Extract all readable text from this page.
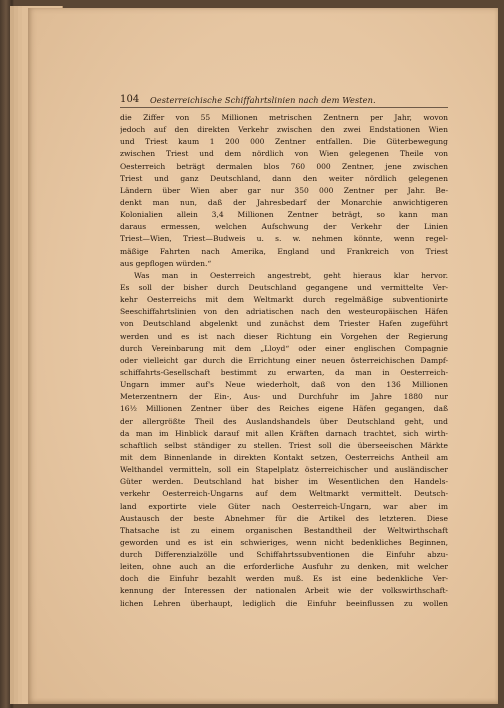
104 Oesterreichische Schiffahrtslinien nach dem Westen.
die Ziffer von 55 Millionen metrischen Zentnern per Jahr, wovon
jedoch auf den direkten Verkehr zwischen den zwei Endstationen Wien
und Triest kaum 1 200 000 Zentner entfallen. Die Güterbewegung
zwischen Triest und dem nördlich von Wien gelegenen Theile von
Oesterreich beträgt dermalen blos 760 000 Zentner, jene zwischen
Triest und ganz Deutschland, dann den weiter nördlich gelegenen
Ländern über Wien aber gar nur 350 000 Zentner per Jahr. Be-
denkt man nun, daß der Jahresbedarf der Monarchie anwichtigeren
Kolonialien allein 3,4 Millionen Zentner beträgt, so kann man
daraus ermessen, welchen Aufschwung der Verkehr der Linien
Triest—Wien, Triest—Budweis u. s. w. nehmen könnte, wenn regel-
mäßige Fahrten nach Amerika, England und Frankreich von Triest
aus gepflogen würden.“
Was man in Oesterreich angestrebt, geht hieraus klar hervor.
Es soll der bisher durch Deutschland gegangene und vermittelte Ver-
kehr Oesterreichs mit dem Weltmarkt durch regelmäßige subventionirte
Seeschiffahrtslinien von den adriatischen nach den westeuropäischen Häfen
von Deutschland abgelenkt und zunächst dem Triester Hafen zugeführt
werden und es ist nach dieser Richtung ein Vorgehen der Regierung
durch Vereinbarung mit dem „Lloyd“ oder einer englischen Compagnie
oder vielleicht gar durch die Errichtung einer neuen österreichischen Dampf-
schiffahrts-Gesellschaft bestimmt zu erwarten, da man in Oesterreich-
Ungarn immer auf's Neue wiederholt, daß von den 136 Millionen
Meterzentnern der Ein-, Aus- und Durchfuhr im Jahre 1880 nur
16½ Millionen Zentner über des Reiches eigene Häfen gegangen, daß
der allergrößte Theil des Auslandshandels über Deutschland geht, und
da man im Hinblick darauf mit allen Kräften darnach trachtet, sich wirth-
schaftlich selbst ständiger zu stellen. Triest soll die überseeischen Märkte
mit dem Binnenlande in direkten Kontakt setzen, Oesterreichs Antheil am
Welthandel vermitteln, soll ein Stapelplatz österreichischer und ausländischer
Güter werden. Deutschland hat bisher im Wesentlichen den Handels-
verkehr Oesterreich-Ungarns auf dem Weltmarkt vermittelt. Deutsch-
land exportirte viele Güter nach Oesterreich-Ungarn, war aber im
Austausch der beste Abnehmer für die Artikel des letzteren. Diese
Thatsache ist zu einem organischen Bestandtheil der Weltwirthschaft
geworden und es ist ein schwieriges, wenn nicht bedenkliches Beginnen,
durch Differenzialzölle und Schiffahrtssubventionen die Einfuhr abzu-
leiten, ohne auch an die erforderliche Ausfuhr zu denken, mit welcher
doch die Einfuhr bezahlt werden muß. Es ist eine bedenkliche Ver-
kennung der Interessen der nationalen Arbeit wie der volkswirthschaft-
lichen Lehren überhaupt, lediglich die Einfuhr beeinflussen zu wollen
